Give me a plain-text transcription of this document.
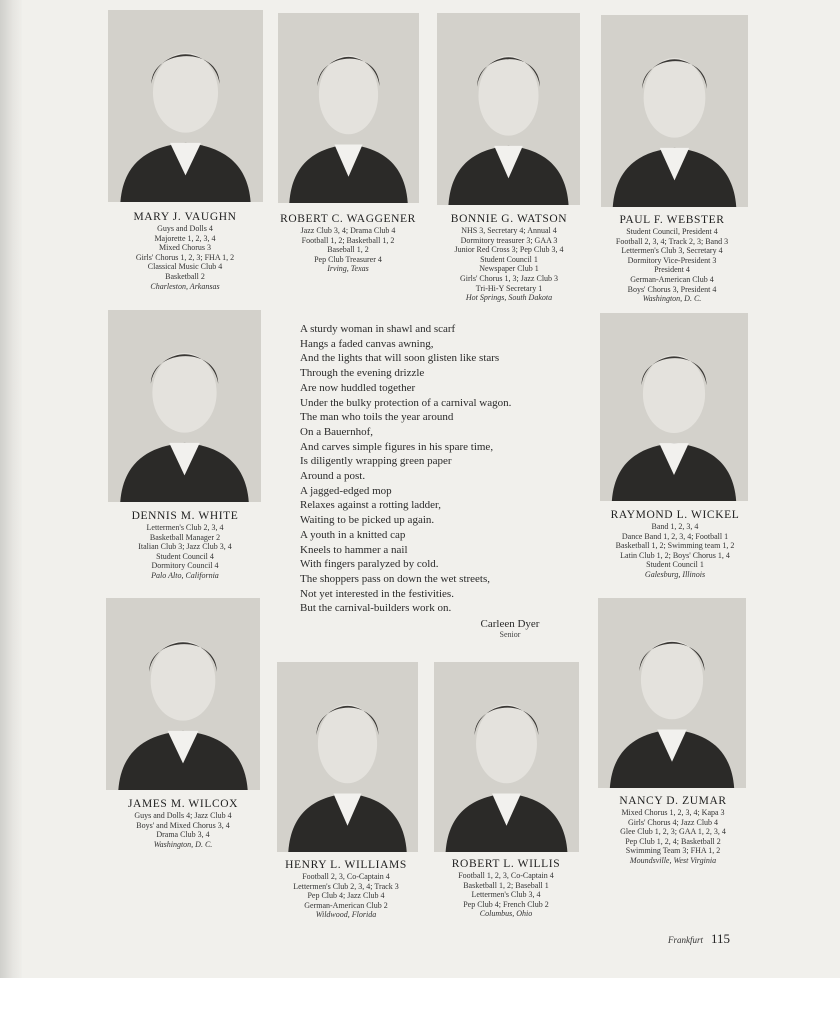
MARY J. VAUGHN
Guys and Dolls 4
Majorette 1, 2, 3, 4
Mixed Chorus 3
Girls' Chorus 1, 2, 3; FHA 1, 2
Classical Music Club 4
Basketball 2
Charleston, Arkansas
ROBERT C. WAGGENER
Jazz Club 3, 4; Drama Club 4
Football 1, 2; Basketball 1, 2
Baseball 1, 2
Pep Club Treasurer 4
Irving, Texas
BONNIE G. WATSON
NHS 3, Secretary 4; Annual 4
Dormitory treasurer 3; GAA 3
Junior Red Cross 3; Pep Club 3, 4
Student Council 1
Newspaper Club 1
Girls' Chorus 1, 3; Jazz Club 3
Tri-Hi-Y Secretary 1
Hot Springs, South Dakota
PAUL F. WEBSTER
Student Council, President 4
Football 2, 3, 4; Track 2, 3; Band 3
Lettermen's Club 3, Secretary 4
Dormitory Vice-President 3
President 4
German-American Club 4
Boys' Chorus 3, President 4
Washington, D. C.
DENNIS M. WHITE
Lettermen's Club 2, 3, 4
Basketball Manager 2
Italian Club 3; Jazz Club 3, 4
Student Council 4
Dormitory Council 4
Palo Alto, California
RAYMOND L. WICKEL
Band 1, 2, 3, 4
Dance Band 1, 2, 3, 4; Football 1
Basketball 1, 2; Swimming team 1, 2
Latin Club 1, 2; Boys' Chorus 1, 4
Student Council 1
Galesburg, Illinois
JAMES M. WILCOX
Guys and Dolls 4; Jazz Club 4
Boys' and Mixed Chorus 3, 4
Drama Club 3, 4
Washington, D. C.
HENRY L. WILLIAMS
Football 2, 3, Co-Captain 4
Lettermen's Club 2, 3, 4; Track 3
Pep Club 4; Jazz Club 4
German-American Club 2
Wildwood, Florida
ROBERT L. WILLIS
Football 1, 2, 3, Co-Captain 4
Basketball 1, 2; Baseball 1
Lettermen's Club 3, 4
Pep Club 4; French Club 2
Columbus, Ohio
NANCY D. ZUMAR
Mixed Chorus 1, 2, 3, 4; Kapa 3
Girls' Chorus 4; Jazz Club 4
Glee Club 1, 2, 3; GAA 1, 2, 3, 4
Pep Club 1, 2, 4; Basketball 2
Swimming Team 3; FHA 1, 2
Moundsville, West Virginia
A sturdy woman in shawl and scarf
Hangs a faded canvas awning,
And the lights that will soon glisten like stars
Through the evening drizzle
Are now huddled together
Under the bulky protection of a carnival wagon.
The man who toils the year around
On a Bauernhof,
And carves simple figures in his spare time,
Is diligently wrapping green paper
Around a post.
A jagged-edged mop
Relaxes against a rotting ladder,
Waiting to be picked up again.
A youth in a knitted cap
Kneels to hammer a nail
With fingers paralyzed by cold.
The shoppers pass on down the wet streets,
Not yet interested in the festivities.
But the carnival-builders work on.
Carleen Dyer
Senior
Frankfurt 115
